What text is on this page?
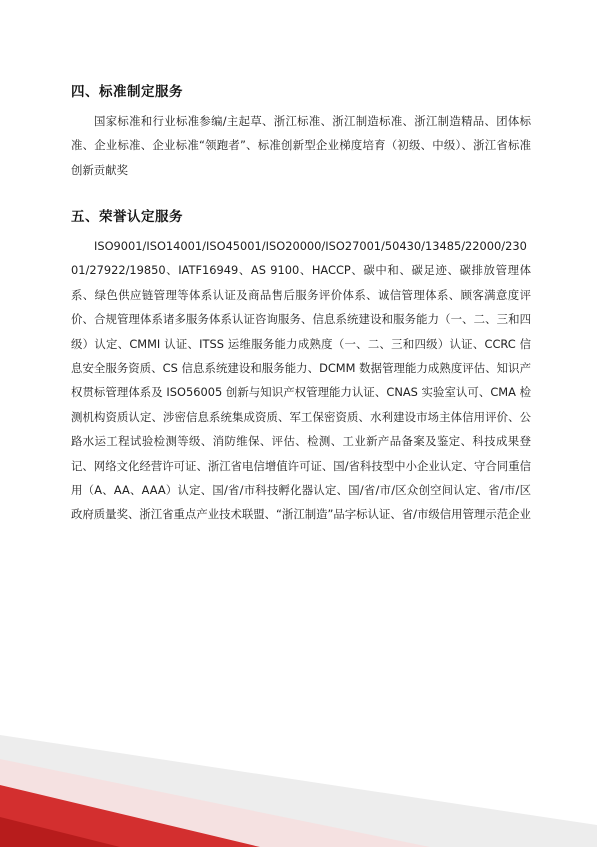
四、标准制定服务

国家标准和行业标准参编/主起草、浙江标准、浙江制造标准、浙江制造精品、团体标准、企业标准、企业标准“领跑者”、标准创新型企业梯度培育（初级、中级）、浙江省标准创新贡献奖

五、荣誉认定服务

ISO9001/ISO14001/ISO45001/ISO20000/ISO27001/50430/13485/22000/23001/27922/19850、IATF16949、AS 9100、HACCP、碳中和、碳足迹、碳排放管理体系、绿色供应链管理等体系认证及商品售后服务评价体系、诚信管理体系、顾客满意度评价、合规管理体系诸多服务体系认证咨询服务、信息系统建设和服务能力（一、二、三和四级）认定、CMMI 认证、ITSS 运维服务能力成熟度（一、二、三和四级）认证、CCRC 信息安全服务资质、CS 信息系统建设和服务能力、DCMM 数据管理能力成熟度评估、知识产权贯标管理体系及 ISO56005 创新与知识产权管理能力认证、CNAS 实验室认可、CMA 检测机构资质认定、涉密信息系统集成资质、军工保密资质、水利建设市场主体信用评价、公路水运工程试验检测等级、消防维保、评估、检测、工业新产品备案及鉴定、科技成果登记、网络文化经营许可证、浙江省电信增值许可证、国/省科技型中小企业认定、守合同重信用（A、AA、AAA）认定、国/省/市科技孵化器认定、国/省/市/区众创空间认定、省/市/区政府质量奖、浙江省重点产业技术联盟、“浙江制造”品字标认证、省/市级信用管理示范企业
